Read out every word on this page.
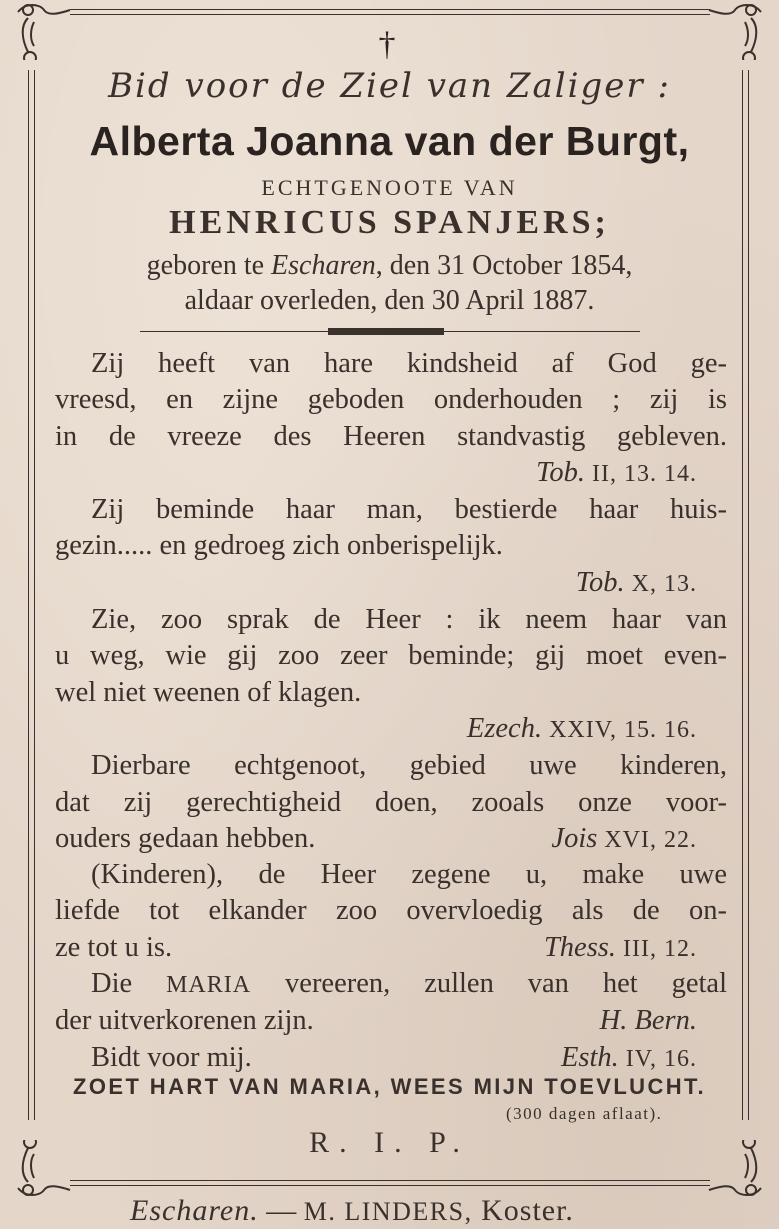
†
Bid voor de Ziel van Zaliger :
Alberta Joanna van der Burgt,
ECHTGENOOTE VAN
HENRICUS SPANJERS;
geboren te Escharen, den 31 October 1854,
aldaar overleden, den 30 April 1887.
Zij heeft van hare kindsheid af God ge-
vreesd, en zijne geboden onderhouden ; zij is
in de vreeze des Heeren standvastig gebleven.
Tob. II, 13. 14.
Zij beminde haar man, bestierde haar huis-
gezin..... en gedroeg zich onberispelijk.
Tob. X, 13.
Zie, zoo sprak de Heer : ik neem haar van
u weg, wie gij zoo zeer beminde; gij moet even-
wel niet weenen of klagen.
Ezech. XXIV, 15. 16.
Dierbare echtgenoot, gebied uwe kinderen,
dat zij gerechtigheid doen, zooals onze voor-
ouders gedaan hebben.	Jois XVI, 22.
(Kinderen), de Heer zegene u, make uwe
liefde tot elkander zoo overvloedig als de on-
ze tot u is.	Thess. III, 12.
Die MARIA vereeren, zullen van het getal
der uitverkorenen zijn.	H. Bern.
Bidt voor mij.	Esth. IV, 16.
ZOET HART VAN MARIA, WEES MIJN TOEVLUCHT.
(300 dagen aflaat).
R. I. P.
Escharen. — M. LINDERS, Koster.
